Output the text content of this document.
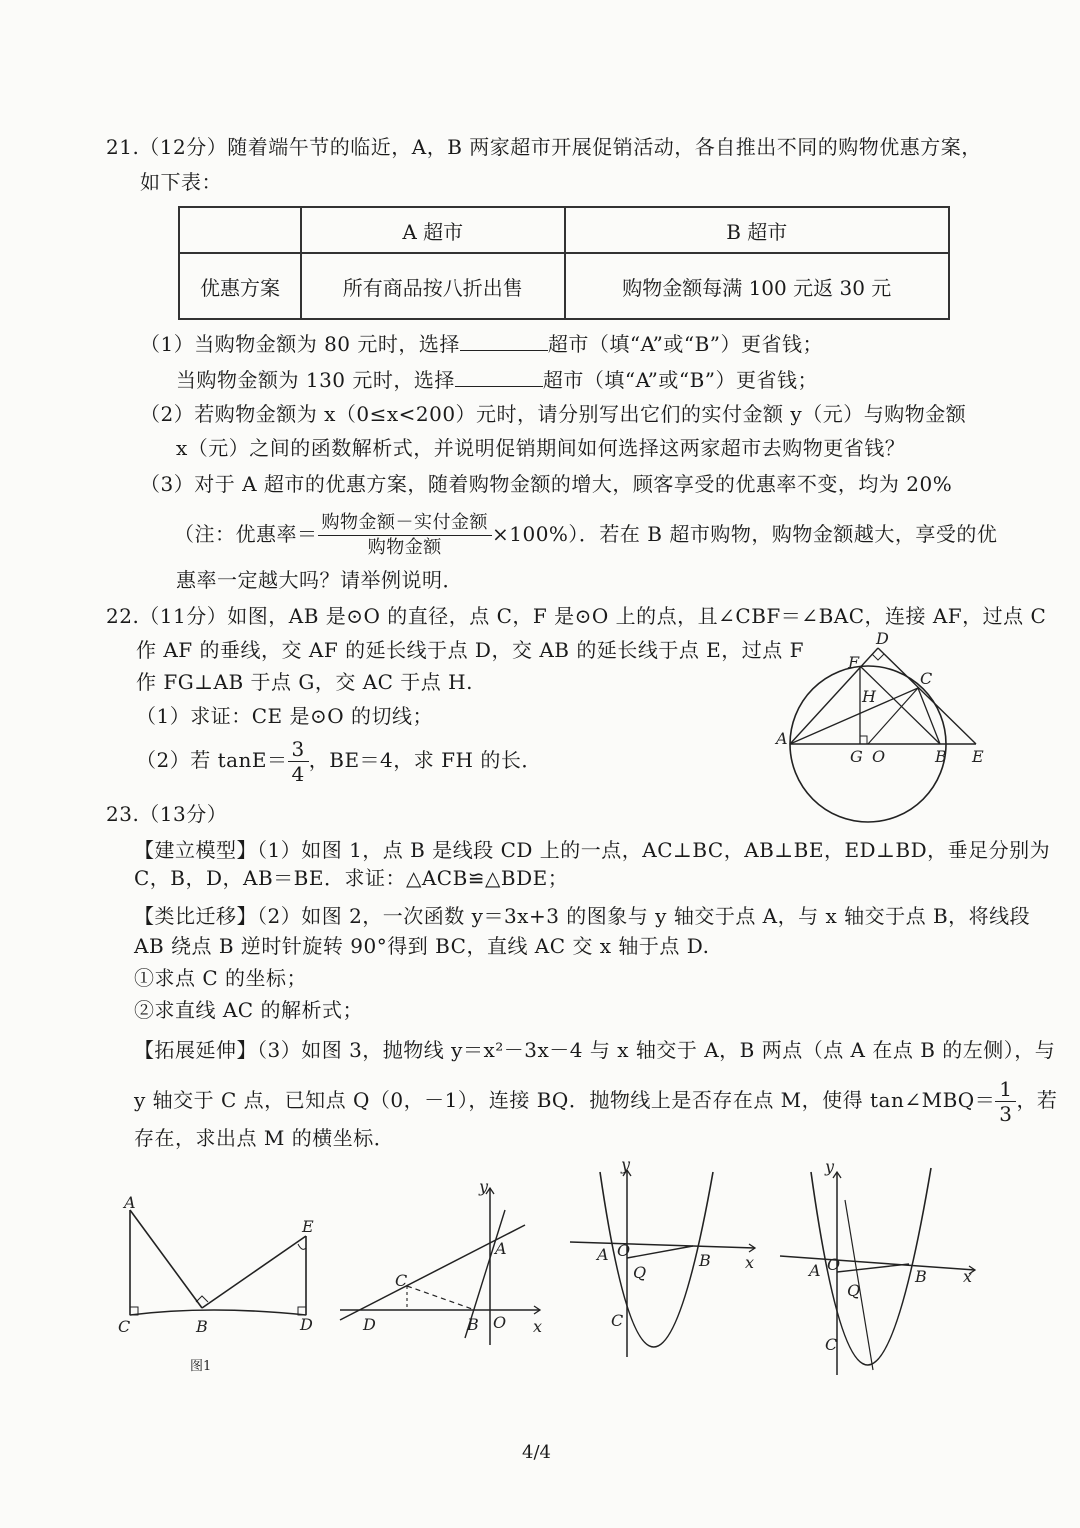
21.（12分）随着端午节的临近，A，B 两家超市开展促销活动，各自推出不同的购物优惠方案，
如下表：
	A 超市	B 超市
优惠方案	所有商品按八折出售	购物金额每满 100 元返 30 元
（1）当购物金额为 80 元时，选择	超市（填“A”或“B”）更省钱；
当购物金额为 130 元时，选择	超市（填“A”或“B”）更省钱；
（2）若购物金额为 x（0≤x<200）元时，请分别写出它们的实付金额 y（元）与购物金额
x（元）之间的函数解析式，并说明促销期间如何选择这两家超市去购物更省钱？
（3）对于 A 超市的优惠方案，随着购物金额的增大，顾客享受的优惠率不变，均为 20%
（注：优惠率＝ $\frac{\text{购物金额－实付金额}}{\text{购物金额}} \times 100\%$）．若在 B 超市购物，购物金额越大，享受的优
惠率一定越大吗？请举例说明．
22.（11分）如图，AB 是⊙O 的直径，点 C，F 是⊙O 上的点，且∠CBF＝∠BAC，连接 AF，过点 C
作 AF 的垂线，交 AF 的延长线于点 D，交 AB 的延长线于点 E，过点 F
作 FG⊥AB 于点 G，交 AC 于点 H.
（1）求证：CE 是⊙O 的切线；
（2）若 $\tan E= \frac{3}{4}$ ，BE＝4，求 FH 的长．
A
B
C
D
E
F
G
H
O
23.（13分）
【建立模型】（1）如图 1，点 B 是线段 CD 上的一点，AC⊥BC，AB⊥BE，ED⊥BD，垂足分别为
C，B，D，AB＝BE．求证：△ACB≌△BDE；
【类比迁移】（2）如图 2，一次函数 y＝3x+3 的图象与 y 轴交于点 A，与 x 轴交于点 B，将线段
AB 绕点 B 逆时针旋转 90°得到 BC，直线 AC 交 x 轴于点 D.
①求点 C 的坐标；
②求直线 AC 的解析式；
【拓展延伸】（3）如图 3，抛物线 y＝x²－3x－4 与 x 轴交于 A，B 两点（点 A 在点 B 的左侧），与
y 轴交于 C 点，已知点 Q（0，－1），连接 BQ．抛物线上是否存在点 M，使得 tan∠MBQ＝ $\frac{1}{3}$ ，若
存在，求出点 M 的横坐标．
A
B
C	D
E
图1
y
x
A
B
C
D	O
y
x
A	B
C
O
Q
y
x
A	B
C
O
Q
4/4
